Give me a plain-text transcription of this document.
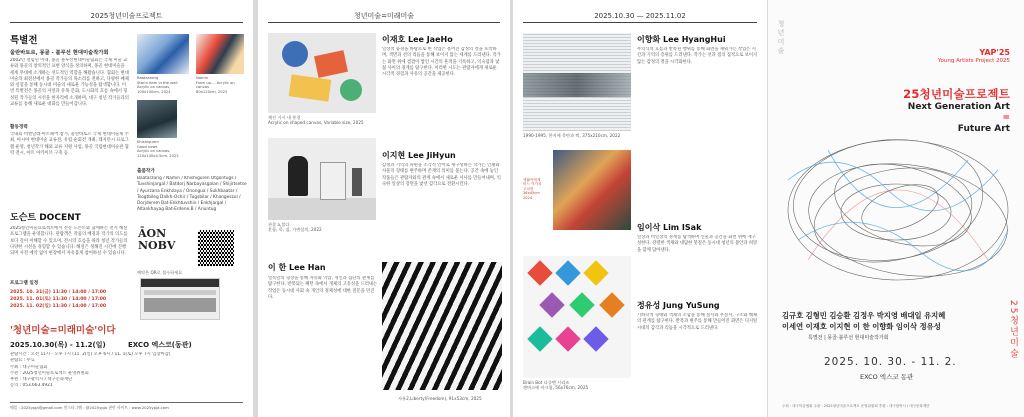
2025청년미술프로젝트
특별전
울란바토르, 몽골 - 블루선 현대미술작가회
2002년 설립된 이래, 몽골 블루선현대미술협회는 국제 미술 교류와 몽골의 창의적인 표현 양식을 정의하며, 몽골 현대미술을 세계 무대에 소개하는 선도적인 역할을 해왔습니다. 협회는 현대 미술의 최전선에서 몽골 작가들의 목소리를 전하고, 다양한 매체와 실험을 통해 동시대 미술의 새로운 가능성을 탐색합니다. 이번 특별전은 몽골의 자연과 유목 문화, 도시화의 흐름 속에서 형성된 작가들의 시선을 한자리에 소개하며, 대구 청년 작가들과의 교류를 통해 새로운 대화를 만들어갑니다.
Baatarzorig
Starln fiam in the wall
Acrylic on canvas,
100x100cm, 2024
Namin
From uo.... Acrylic on canvas
80x120cm, 2023
Khishiguren
Good news
Acrylic on canvas,
110x140x4.5cm, 2023
활동경력
국내외 비엔날레·아트페어 참가, 울란바토르 국제 현대미술제 주최, 아시아 현대미술 교류전, 유럽 순회전 개최, 레지던시 프로그램 운영, 청년작가 해외 교류 지원 사업, 몽골 국립현대미술관 협력 전시, 아트 아카이브 구축 등.
출품작가
Baatarzorig / Namin / Khishiguren Otgontugs / Tuvshinjargal / Batdorj Narbayasgalan / Shijirtsetse / Ayurzana Enkhzaya / Onongua / Sukhbaatar / Tsogtbileg Dalkh-Ochir / Tugsbilar / Khangeszul / Dorjderem Bat-Enkhtuvshin / Enkhjargal / Altankhayag Bat-Erdene.B / Ariuntug
도슨트 DOCENT
2025청년미술프로젝트에서 전문 도슨트와 함께하는 전시 해설 프로그램을 운영합니다. 관람객은 작품의 배경과 작가의 의도를 보다 깊이 이해할 수 있으며, 전시의 흐름을 따라 청년 작가들의 다양한 시선을 경험할 수 있습니다. 해설은 정해진 시간에 진행되며 사전 예약 없이 현장에서 자유롭게 참여하실 수 있습니다.
프로그램 일정
2025. 10. 31(금) 11:30 / 14:00 / 17:00
2025. 11. 01(토) 11:30 / 14:00 / 17:00
2025. 11. 02(일) 11:30 / 14:00 / 17:00
ĀON
NOBV
예약은 QR로 접수하세요
'청년미술=미래미술'이다
2025.10.30(목) - 11.2(일)	EXCO 엑스코(동관)
관람시간 : 오전 11시 - 오후 7시 (11. 2(일) 오후 6시 / 11. 1(토) 오후 7시 입장마감)
관람료 : 무료
주최 : 대구미술협회
주관 : 2025청년미술프로젝트 운영위원회
후원 : 대구광역시 / 대구문화재단
문의 : 053.663.4921
메일 : 2025ypja@gmail.com 인스타그램 : @2025ypja 관련 사이트 : www.2025ypja.com
청년미술=미래미술
깨진 거시 내 풍경
Acrylic on shaped canvas, Variable size, 2025
이재호 Lee JaeHo
일상적 풍경을 바탕으로 한 작업은 흩어진 감정의 결을 포착하며, 색면과 선의 리듬을 통해 보이지 않는 세계를 드러낸다. 작가는 화면 위에 겹겹이 쌓인 시간의 흔적을 기록하고, 익숙함과 낯섦 사이의 경계를 탐구한다. 이러한 시도는 관람자에게 새로운 시각적 경험과 사유의 공간을 제공한다.
관찰 a,불다
혼합, 목, 칠, 가변설치, 2022
이지현 Lee JiHyun
감정과 기억의 파편을 조각적 언어로 재구성하는 작가는 인체와 사물의 형태를 변주하며 존재의 의미를 묻는다. 공간 속에 놓인 작품들은 관람자와의 관계 속에서 새로운 서사를 만들어내며, 익숙한 일상의 장면을 낯선 감각으로 전환시킨다.
이 한 Lee Han
얼룩말의 형상을 통해 자유와 억압, 개인과 집단의 관계를 탐구한다. 반복되는 패턴 속에서 개체의 고유성을 드러내는 작업은 동시대 사회 속 개인의 정체성에 대한 질문을 던진다.
자유2,Liberty(Freedom), 91x53cm, 2025
2025.10.30 — 2025.11.02
1990-1995, 한지에 목탄과 먹, 375x210cm, 2022
이향화 Lee HyangHui
무의식의 흐름과 반복된 행위를 통해 화면을 채워가는 작업은 시간과 기억의 층위를 드러낸다. 작가는 선과 점의 집적으로 보이지 않는 감정의 결을 시각화한다.
생활이에게
어느 이가치
고치를
36x45cm
2024
임이삭 Lim ISak
일상과 비일상의 경계를 탐색하며 인물과 공간을 화면 위에 재구성한다. 강렬한 색채와 대담한 붓질은 동시대 청년의 불안과 희망을 함께 담아낸다.
Brain Bot 다큐멘 시리즈
캔버스에 아크릴, 56x76cm, 2025
정유성 Jung YuSung
기하학적 형태와 색채의 조합을 통해 질서와 무질서, 구조와 해체의 관계를 탐구한다. 반복과 변주를 통해 만들어진 화면은 디지털 시대의 감각과 리듬을 시각적으로 드러낸다.
YAP'25
Young Artists Project 2025
25청년미술프로젝트
Next Generation Art
=
Future Art
청년미술
25청년미술
김규호 김형민 김승환 김정우 박지영 배대일 유지혜
이세연 이재호 이지현 이 한 이향화 임이삭 정유성
특별전 | 몽골·블루선 현대미술작가회
2025. 10. 30. - 11. 2.
EXCO 엑스코 동관
주최 : 대구미술협회 주관 : 2025청년미술프로젝트 운영위원회 후원 : 대구광역시 / 대구문화재단
